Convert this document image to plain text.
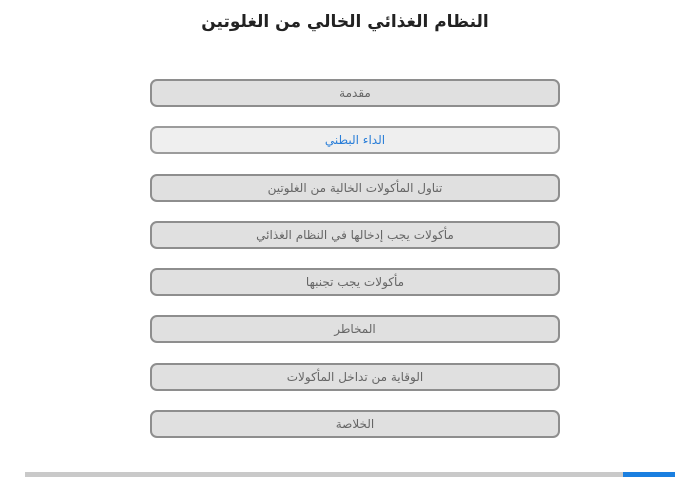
النظام الغذائي الخالي من الغلوتين
مقدمة
الداء البطني
تناول المأكولات الخالية من الغلوتين
مأكولات يجب إدخالها في النظام الغذائي
مأكولات يجب تجنبها
المخاطر
الوقاية من تداخل المأكولات
الخلاصة
